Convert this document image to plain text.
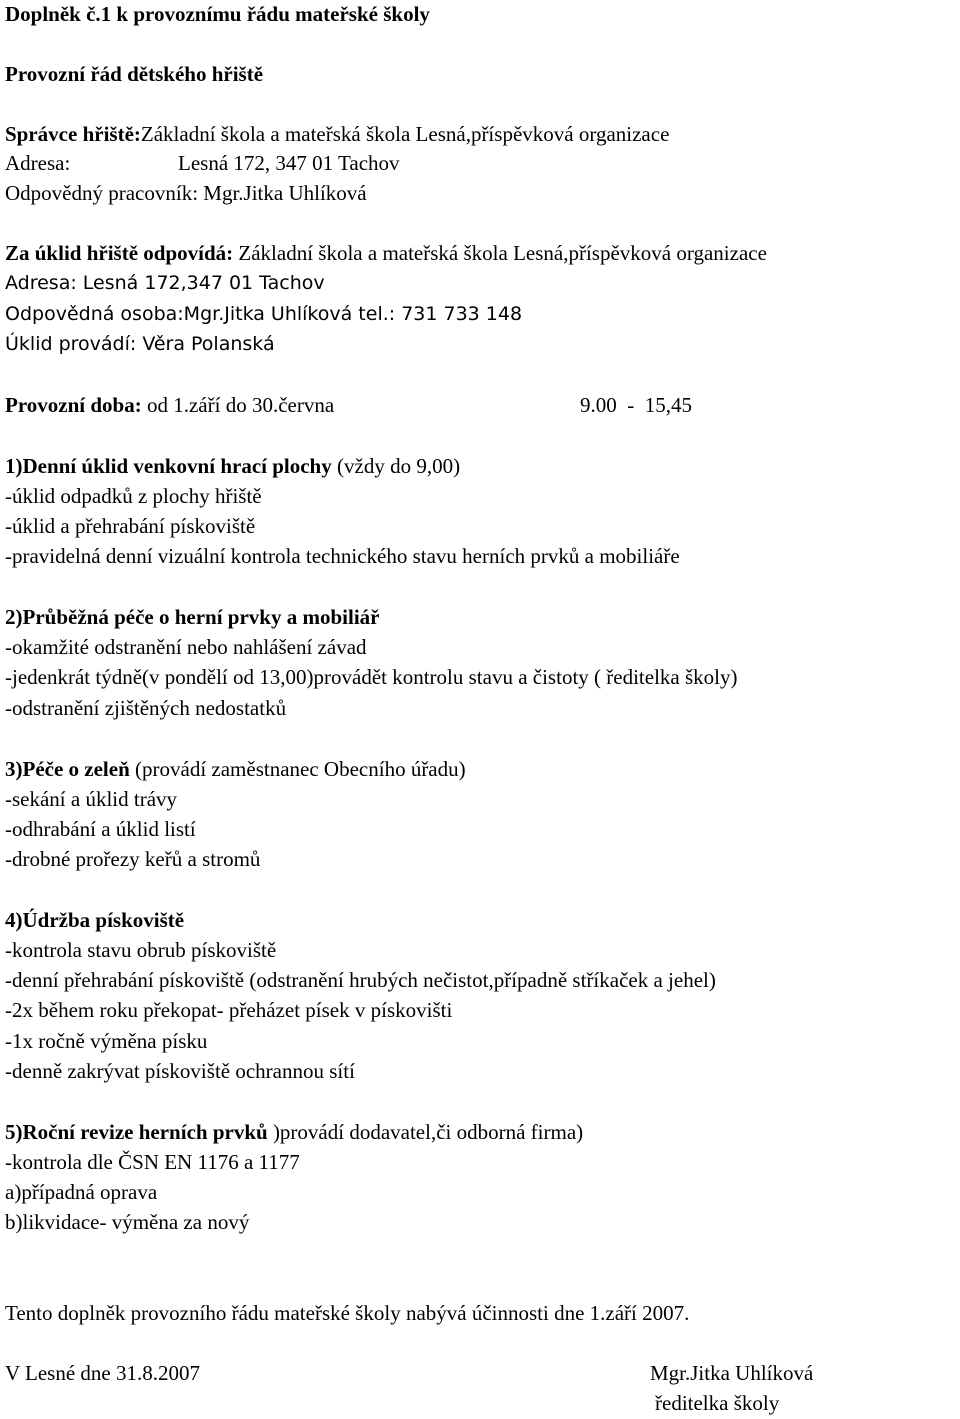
Doplněk č.1 k provoznímu řádu mateřské školy
Provozní řád dětského hřiště
Správce hřiště:Základní škola a mateřská škola Lesná,příspěvková organizace
Adresa:	Lesná 172, 347 01 Tachov
Odpovědný pracovník: Mgr.Jitka Uhlíková
Za úklid hřiště odpovídá: Základní škola a mateřská škola Lesná,příspěvková organizace
Adresa: Lesná 172,347 01 Tachov
Odpovědná osoba:Mgr.Jitka Uhlíková tel.: 731 733 148
Úklid provádí: Věra Polanská
Provozní doba: od 1.září do 30.června	9.00  -  15,45
1)Denní úklid venkovní hrací plochy (vždy do 9,00)
-úklid odpadků z plochy hřiště
-úklid a přehrabání pískoviště
-pravidelná denní vizuální kontrola technického stavu herních prvků a mobiliáře
2)Průběžná péče o herní prvky a mobiliář
-okamžité odstranění nebo nahlášení závad
-jedenkrát týdně(v pondělí od 13,00)provádět kontrolu stavu a čistoty ( ředitelka školy)
-odstranění zjištěných nedostatků
3)Péče o zeleň (provádí zaměstnanec Obecního úřadu)
-sekání a úklid trávy
-odhrabání a úklid listí
-drobné prořezy keřů a stromů
4)Údržba pískoviště
-kontrola stavu obrub pískoviště
-denní přehrabání pískoviště (odstranění hrubých nečistot,případně stříkaček a jehel)
-2x během roku překopat- přeházet písek v pískovišti
-1x ročně výměna písku
-denně zakrývat pískoviště ochrannou sítí
5)Roční revize herních prvků )provádí dodavatel,či odborná firma)
-kontrola dle ČSN EN 1176 a 1177
a)případná oprava
b)likvidace- výměna za nový
Tento doplněk provozního řádu mateřské školy nabývá účinnosti dne 1.září 2007.
V Lesné dne 31.8.2007	Mgr.Jitka Uhlíková
ředitelka školy
